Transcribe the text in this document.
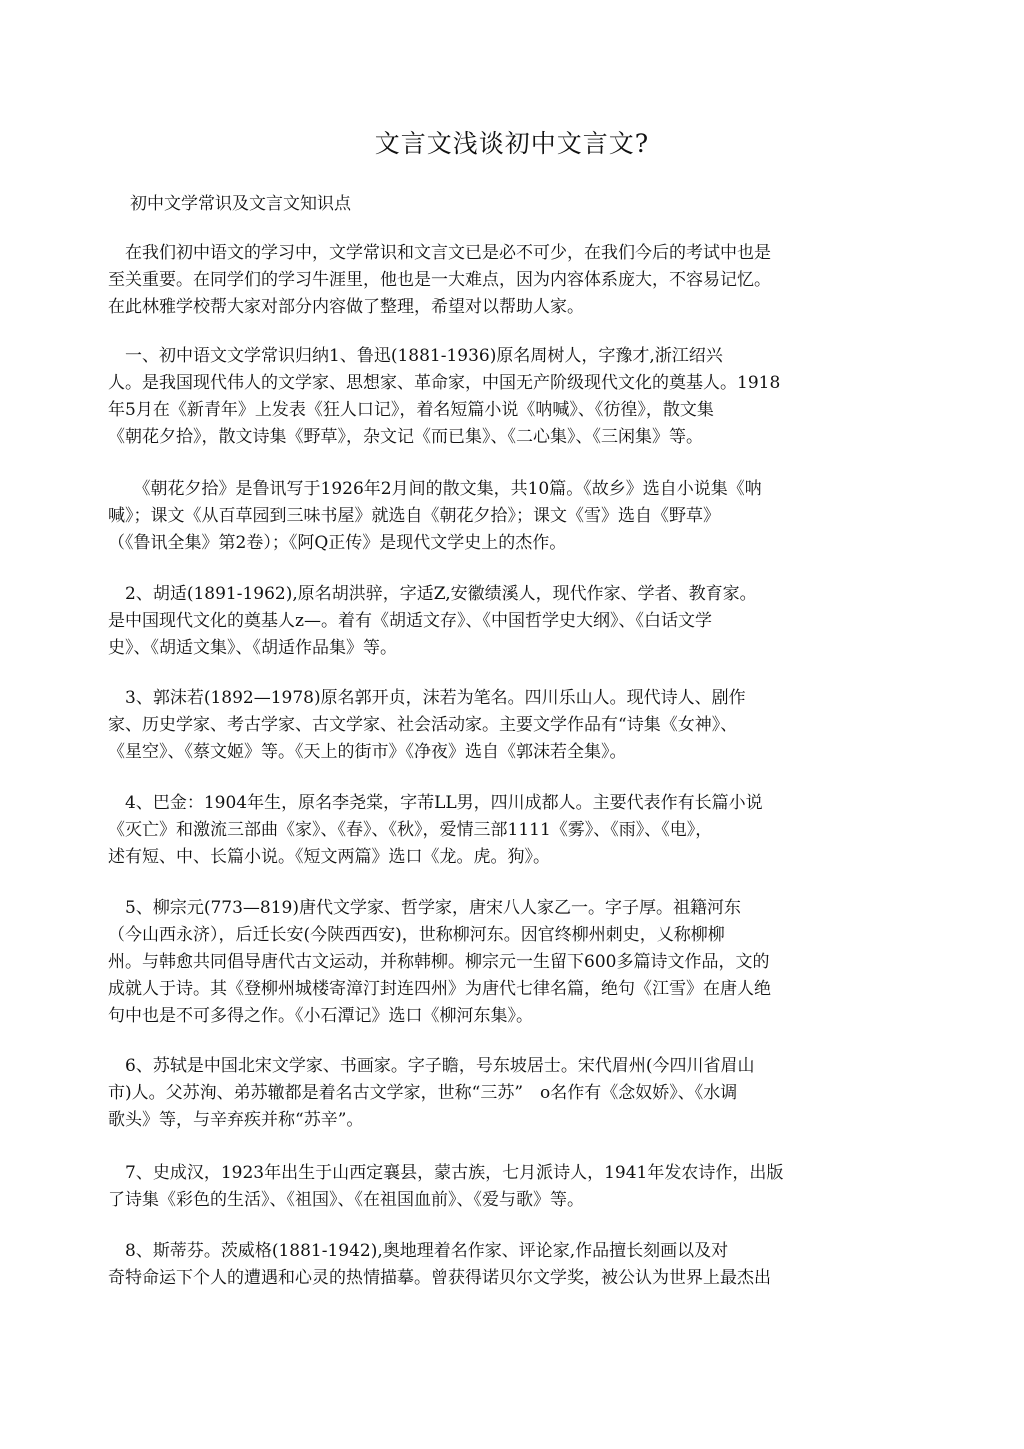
文言文浅谈初中文言文?
初中文学常识及文言文知识点
　在我们初中语文的学习中，文学常识和文言文已是必不可少，在我们今后的考试中也是
至关重要。在同学们的学习牛涯里，他也是一大难点，因为内容体系庞大，不容易记忆。
在此林雅学校帮大家对部分内容做了整理，希望对以帮助人家。
　一、初中语文文学常识归纳1、鲁迅(1881-1936)原名周树人，字豫才,浙江绍兴
人。是我国现代伟人的文学家、思想家、革命家，中国无产阶级现代文化的奠基人。1918
年5月在《新青年》上发表《狂人口记》，着名短篇小说《呐喊》、《彷徨》，散文集
《朝花夕拾》，散文诗集《野草》，杂文记《而已集》、《二心集》、《三闲集》等。
　　《朝花夕拾》是鲁讯写于1926年2月间的散文集，共10篇。《故乡》选自小说集《呐
喊》；课文《从百草园到三味书屋》就选自《朝花夕拾》；课文《雪》选自《野草》
（《鲁讯全集》第2卷）；《阿Q正传》是现代文学史上的杰作。
　2、胡适(1891-1962),原名胡洪骍，字适Z,安徽绩溪人，现代作家、学者、教育家。
是中国现代文化的奠基人z—。着有《胡适文存》、《中国哲学史大纲》、《白话文学
史》、《胡适文集》、《胡适作品集》等。
　3、郭沫若(1892—1978)原名郭开贞，沫若为笔名。四川乐山人。现代诗人、剧作
家、历史学家、考古学家、古文学家、社会活动家。主要文学作品有“诗集《女神》、
《星空》、《蔡文姬》等。《天上的街市》《净夜》选自《郭沫若全集》。
　4、巴金：1904年生，原名李尧棠，字芾LL男，四川成都人。主要代表作有长篇小说
《灭亡》和激流三部曲《家》、《春》、《秋》，爱情三部1111《雾》、《雨》、《电》，
述有短、中、长篇小说。《短文两篇》选口《龙。虎。狗》。
　5、柳宗元(773—819)唐代文学家、哲学家，唐宋八人家乙一。字子厚。祖籍河东
（今山西永济），后迁长安(今陕西西安)，世称柳河东。因官终柳州刺史，乂称柳柳
州。与韩愈共同倡导唐代古文运动，并称韩柳。柳宗元一生留下600多篇诗文作品，文的
成就人于诗。其《登柳州城楼寄漳汀封连四州》为唐代七律名篇，绝句《江雪》在唐人绝
句中也是不可多得之作。《小石潭记》选口《柳河东集》。
　6、苏轼是中国北宋文学家、书画家。字子瞻，号东坡居士。宋代眉州(今四川省眉山
市)人。父苏洵、弟苏辙都是着名古文学家，世称“三苏”　o名作有《念奴娇》、《水调
歌头》等，与辛弃疾并称“苏辛”。
　7、史成汉，1923年出生于山西定襄县，蒙古族，七月派诗人，1941年发农诗作，出版
了诗集《彩色的生活》、《祖国》、《在祖国血前》、《爱与歌》等。
　8、斯蒂芬。茨威格(1881-1942),奥地理着名作家、评论家,作品擅长刻画以及对
奇特命运下个人的遭遇和心灵的热情描摹。曾获得诺贝尔文学奖，被公认为世界上最杰出
